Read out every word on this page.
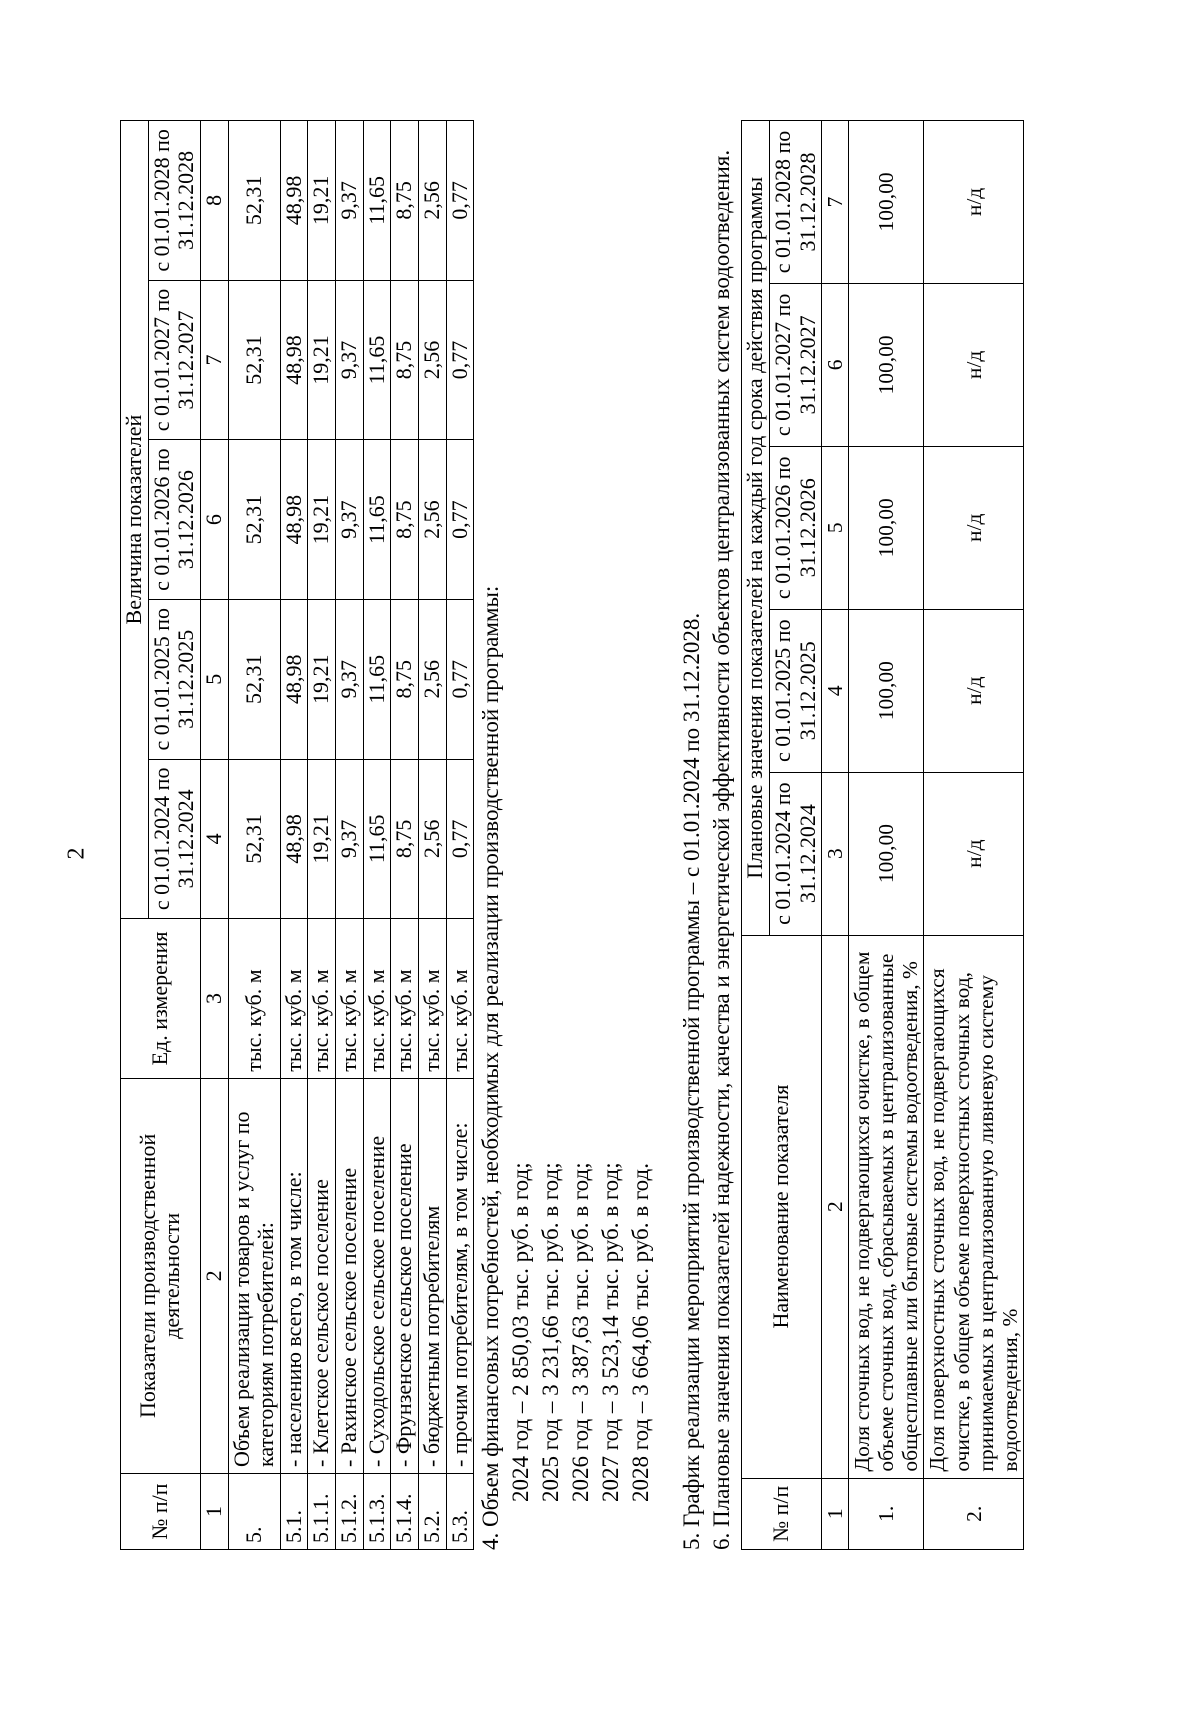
2
№ п/п	Показатели производственной деятельности	Ед. измерения	Величина показателей				
			с 01.01.2024 по 31.12.2024	с 01.01.2025 по 31.12.2025	с 01.01.2026 по 31.12.2026	с 01.01.2027 по 31.12.2027	с 01.01.2028 по 31.12.2028
1	2	3	4	5	6	7	8
5.	Объем реализации товаров и услуг по категориям потребителей:	тыс. куб. м	52,31	52,31	52,31	52,31	52,31
5.1.	- населению всего, в том числе:	тыс. куб. м	48,98	48,98	48,98	48,98	48,98
5.1.1.	- Клетское сельское поселение	тыс. куб. м	19,21	19,21	19,21	19,21	19,21
5.1.2.	- Рахинское сельское поселение	тыс. куб. м	9,37	9,37	9,37	9,37	9,37
5.1.3.	- Суходольское сельское поселение	тыс. куб. м	11,65	11,65	11,65	11,65	11,65
5.1.4.	- Фрунзенское сельское поселение	тыс. куб. м	8,75	8,75	8,75	8,75	8,75
5.2.	- бюджетным потребителям	тыс. куб. м	2,56	2,56	2,56	2,56	2,56
5.3.	- прочим потребителям, в том числе:	тыс. куб. м	0,77	0,77	0,77	0,77	0,77

4. Объем финансовых потребностей, необходимых для реализации производственной программы: 2024 год – 2 850,03 тыс. руб. в год; 2025 год – 3 231,66 тыс. руб. в год; 2026 год – 3 387,63 тыс. руб. в год; 2027 год – 3 523,14 тыс. руб. в год; 2028 год – 3 664,06 тыс. руб. в год. 5. График реализации мероприятий производственной программы – с 01.01.2024 по 31.12.2028. 6. Плановые значения показателей надежности, качества и энергетической эффективности объектов централизованных систем водоотведения. № п/п	Наименование показателя	Плановые значения показателей на каждый год срока действия программы				
		с 01.01.2024 по 31.12.2024	с 01.01.2025 по 31.12.2025	с 01.01.2026 по 31.12.2026	с 01.01.2027 по 31.12.2027	с 01.01.2028 по 31.12.2028
1	2	3	4	5	6	7
1.	Доля сточных вод, не подвергающихся очистке, в общем объеме сточных вод, сбрасываемых в централизованные общесплавные или бытовые системы водоотведения, %	100,00	100,00	100,00	100,00	100,00
2.	Доля поверхностных сточных вод, не подвергающихся очистке, в общем объеме поверхностных сточных вод, принимаемых в централизованную ливневую систему водоотведения, %	н/д	н/д	н/д	н/д	н/д
